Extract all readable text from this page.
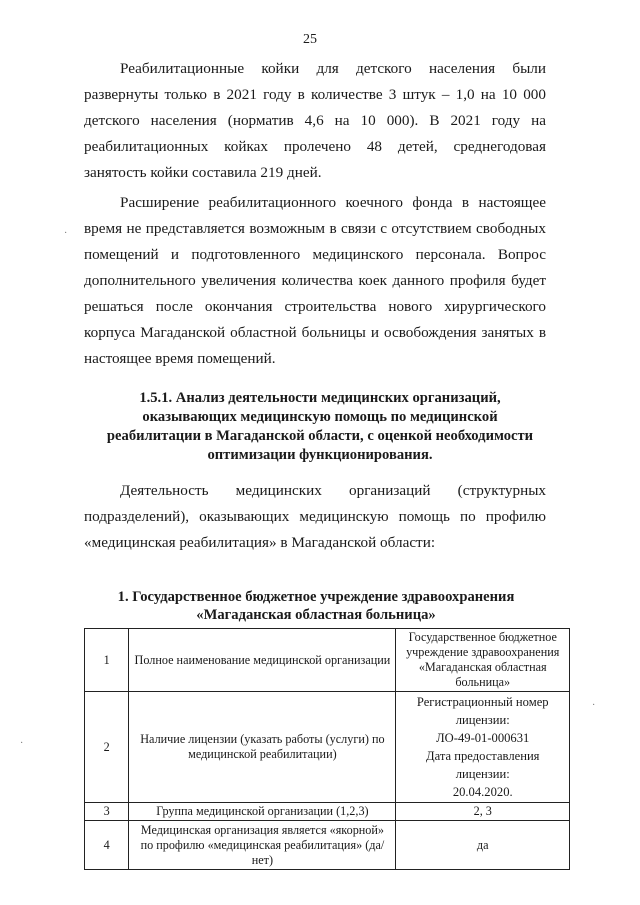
25
Реабилитационные койки для детского населения были развернуты только в 2021 году в количестве 3 штук – 1,0 на 10 000 детского населения (норматив 4,6 на 10 000). В 2021 году на реабилитационных койках пролечено 48 детей, среднегодовая занятость койки составила 219 дней.
Расширение реабилитационного коечного фонда в настоящее время не представляется возможным в связи с отсутствием свободных помещений и подготовленного медицинского персонала. Вопрос дополнительного увеличения количества коек данного профиля будет решаться после окончания строительства нового хирургического корпуса Магаданской областной больницы и освобождения занятых в настоящее время помещений.
1.5.1. Анализ деятельности медицинских организаций, оказывающих медицинскую помощь по медицинской реабилитации в Магаданской области, с оценкой необходимости оптимизации функционирования.
Деятельность медицинских организаций (структурных подразделений), оказывающих медицинскую помощь по профилю «медицинская реабилитация» в Магаданской области:
1. Государственное бюджетное учреждение здравоохранения «Магаданская областная больница»
1	Полное наименование медицинской организации	Государственное бюджетное учреждение здравоохранения «Магаданская областная больница»

2	Наличие лицензии (указать работы (услуги) по медицинской реабилитации)	Регистрационный номер лицензии:
ЛО-49-01-000631
Дата предоставления лицензии:
20.04.2020.

3	Группа медицинской организации (1,2,3)	2, 3

4	Медицинская организация является «якорной» по профилю «медицинская реабилитация» (да/нет)	да
·
·
·
